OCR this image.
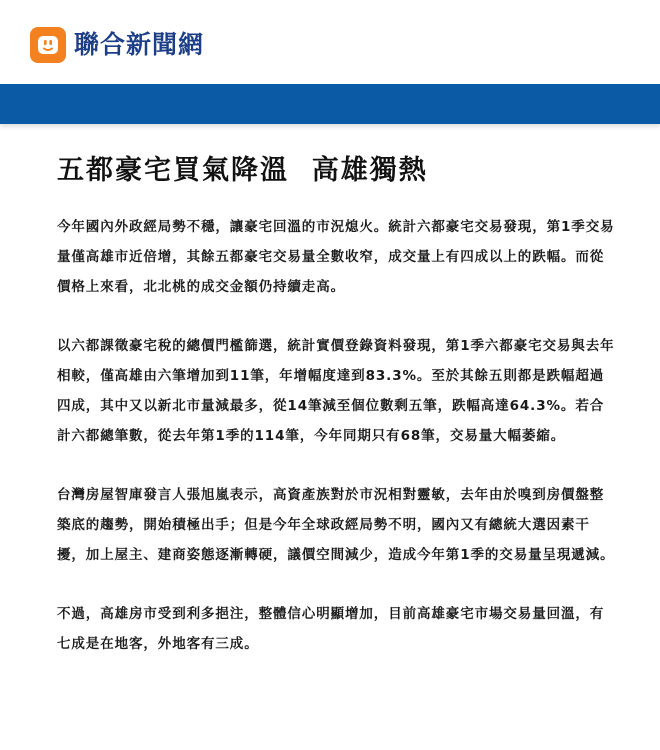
聯合新聞網
五都豪宅買氣降溫  高雄獨熱

今年國內外政經局勢不穩，讓豪宅回溫的市況熄火。統計六都豪宅交易發現，第1季交易量僅高雄市近倍增，其餘五都豪宅交易量全數收窄，成交量上有四成以上的跌幅。而從價格上來看，北北桃的成交金額仍持續走高。

以六都課徵豪宅稅的總價門檻篩選，統計實價登錄資料發現，第1季六都豪宅交易與去年相較，僅高雄由六筆增加到11筆，年增幅度達到83.3%。至於其餘五則都是跌幅超過四成，其中又以新北市量減最多，從14筆減至個位數剩五筆，跌幅高達64.3%。若合計六都總筆數，從去年第1季的114筆，今年同期只有68筆，交易量大幅萎縮。

台灣房屋智庫發言人張旭嵐表示，高資產族對於市況相對靈敏，去年由於嗅到房價盤整築底的趨勢，開始積極出手；但是今年全球政經局勢不明，國內又有總統大選因素干擾，加上屋主、建商姿態逐漸轉硬，議價空間減少，造成今年第1季的交易量呈現遞減。

不過，高雄房市受到利多挹注，整體信心明顯增加，目前高雄豪宅市場交易量回溫，有七成是在地客，外地客有三成。
